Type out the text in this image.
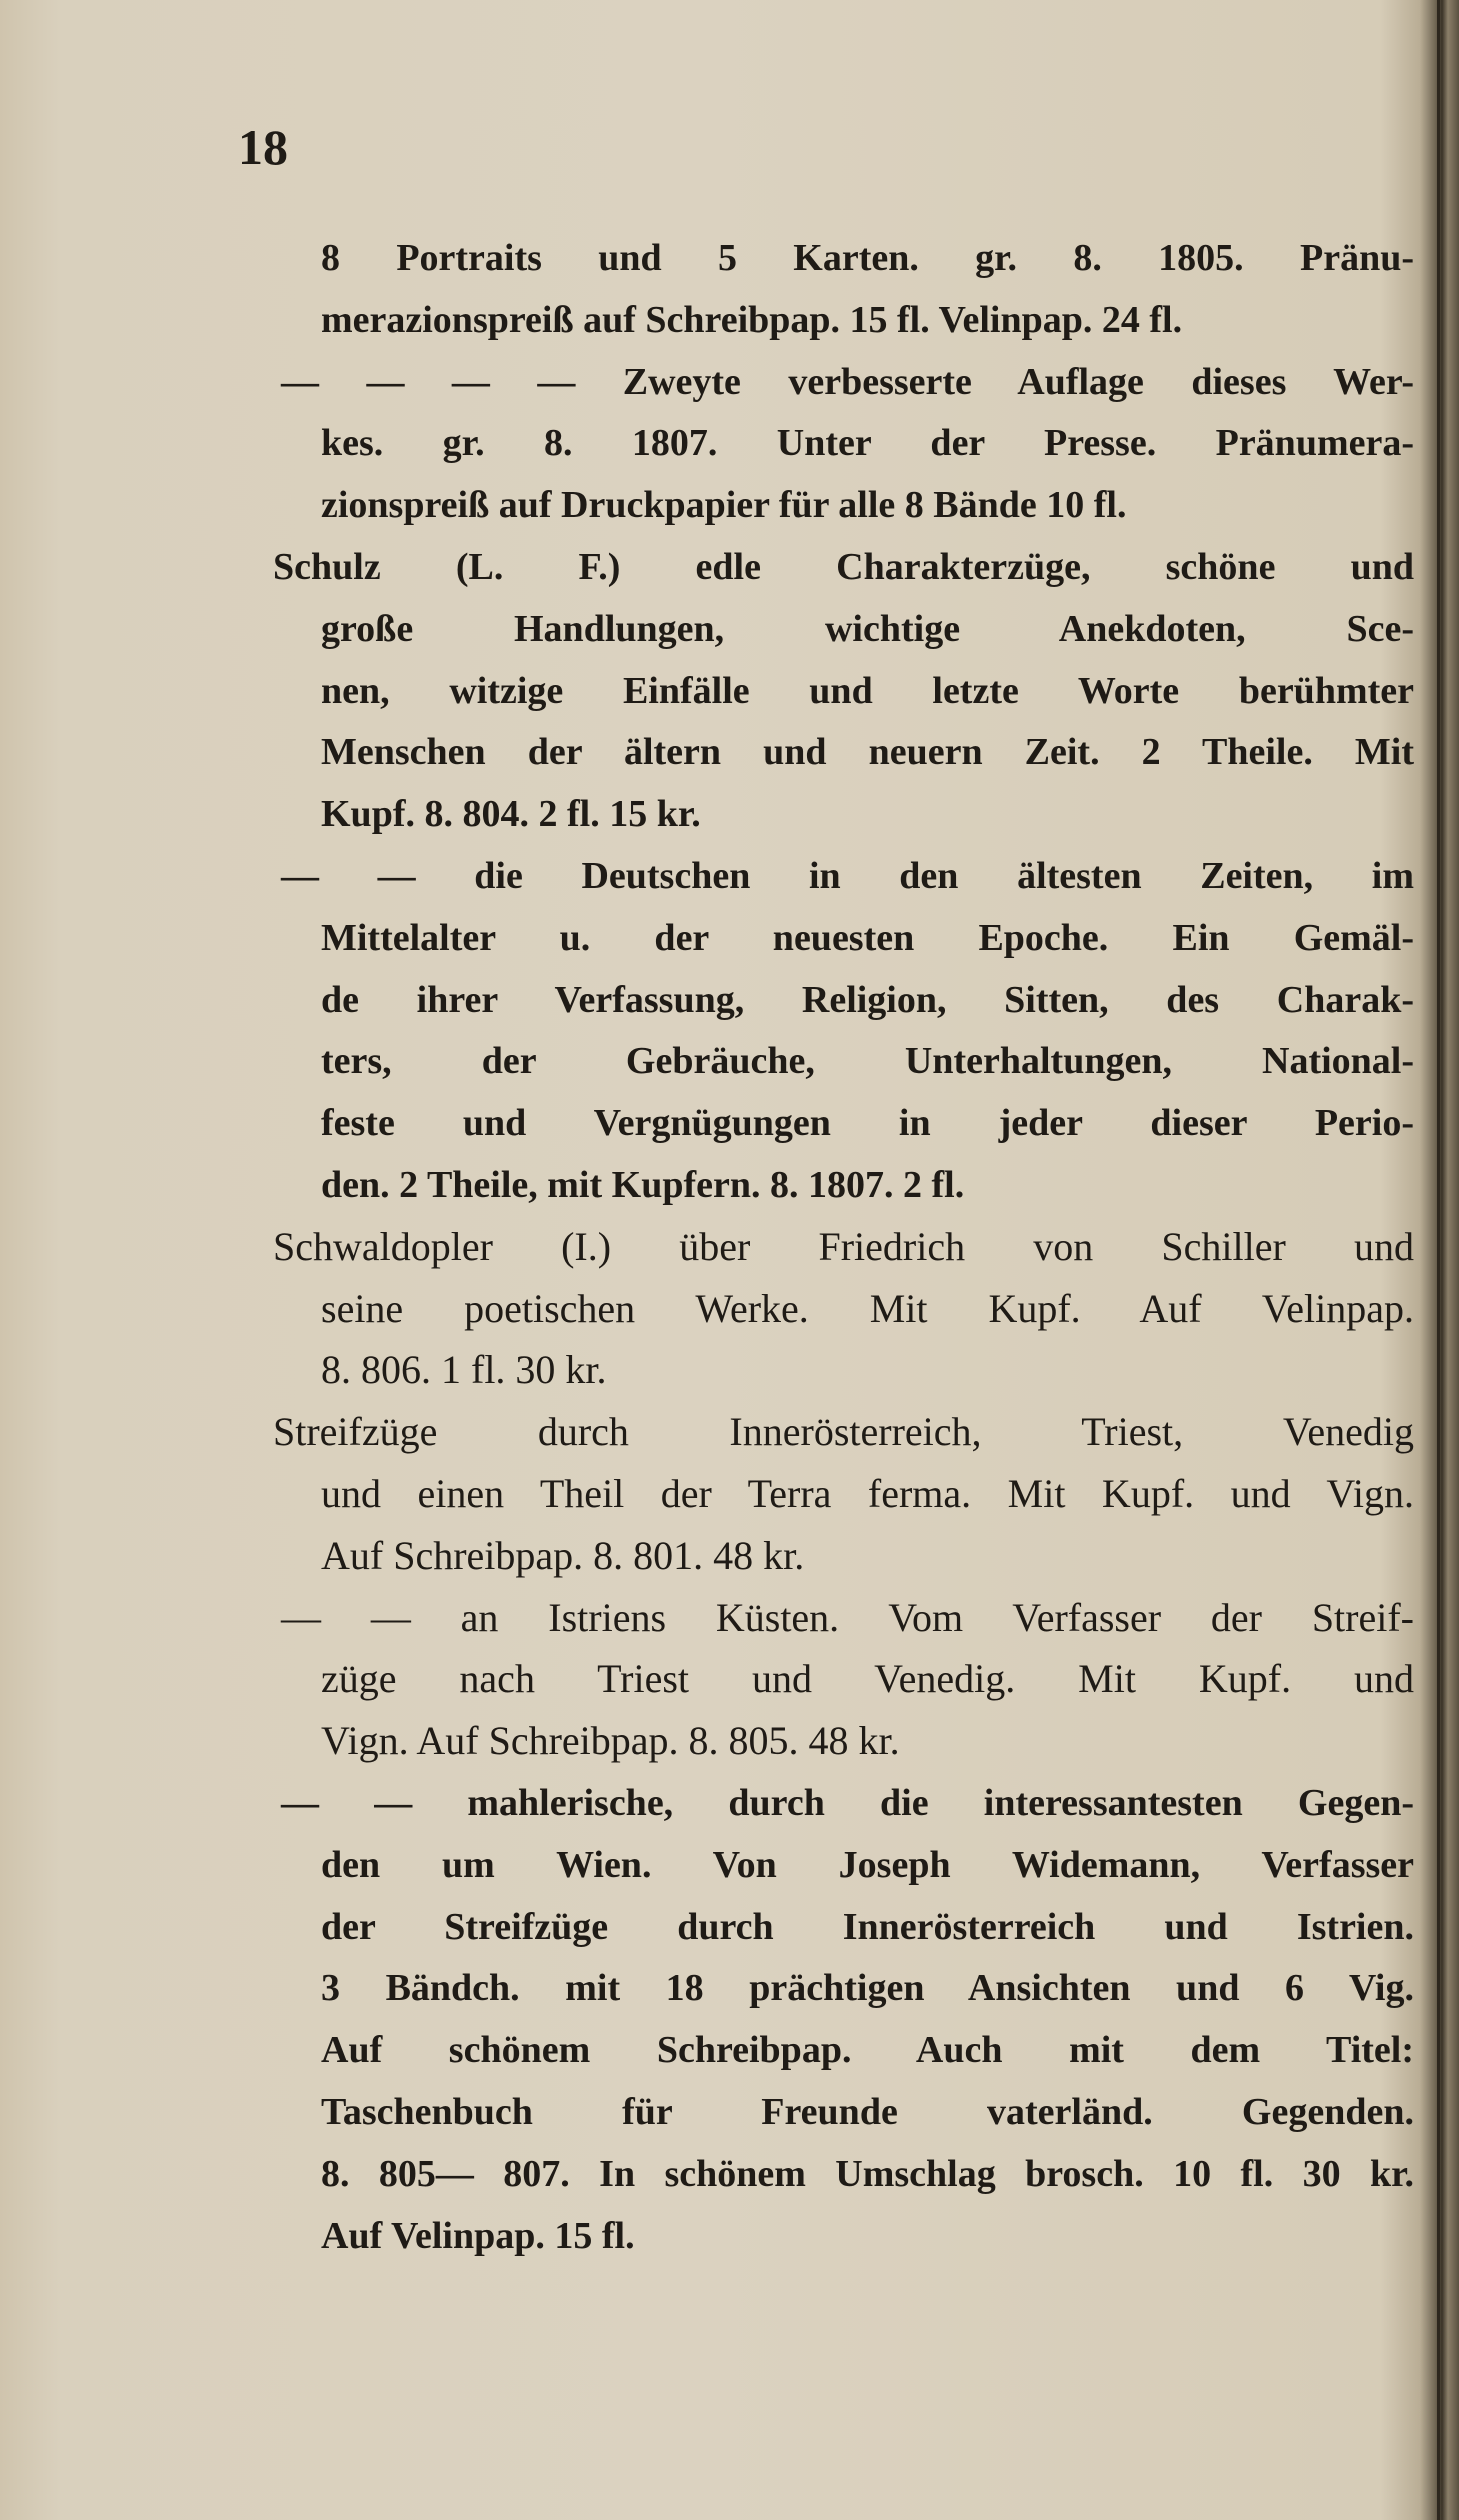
18
8 Portraits und 5 Karten. gr. 8. 1805. Pränu-
merazionspreiß auf Schreibpap. 15 fl. Velinpap. 24 fl.
— — — — Zweyte verbesserte Auflage dieses Wer-
kes. gr. 8. 1807. Unter der Presse. Pränumera-
zionspreiß auf Druckpapier für alle 8 Bände 10 fl.
Schulz (L. F.) edle Charakterzüge, schöne und
große Handlungen, wichtige Anekdoten, Sce-
nen, witzige Einfälle und letzte Worte berühmter
Menschen der ältern und neuern Zeit. 2 Theile. Mit
Kupf. 8. 804. 2 fl. 15 kr.
— — die Deutschen in den ältesten Zeiten, im
Mittelalter u. der neuesten Epoche. Ein Gemäl-
de ihrer Verfassung, Religion, Sitten, des Charak-
ters, der Gebräuche, Unterhaltungen, National-
feste und Vergnügungen in jeder dieser Perio-
den. 2 Theile, mit Kupfern. 8. 1807. 2 fl.
Schwaldopler (I.) über Friedrich von Schiller und
seine poetischen Werke. Mit Kupf. Auf Velinpap.
8. 806. 1 fl. 30 kr.
Streifzüge durch Innerösterreich, Triest, Venedig
und einen Theil der Terra ferma. Mit Kupf. und Vign.
Auf Schreibpap. 8. 801. 48 kr.
— — an Istriens Küsten. Vom Verfasser der Streif-
züge nach Triest und Venedig. Mit Kupf. und
Vign. Auf Schreibpap. 8. 805. 48 kr.
— — mahlerische, durch die interessantesten Gegen-
den um Wien. Von Joseph Widemann, Verfasser
der Streifzüge durch Innerösterreich und Istrien.
3 Bändch. mit 18 prächtigen Ansichten und 6 Vig.
Auf schönem Schreibpap. Auch mit dem Titel:
Taschenbuch für Freunde vaterländ. Gegenden.
8. 805— 807. In schönem Umschlag brosch. 10 fl. 30 kr.
Auf Velinpap. 15 fl.
